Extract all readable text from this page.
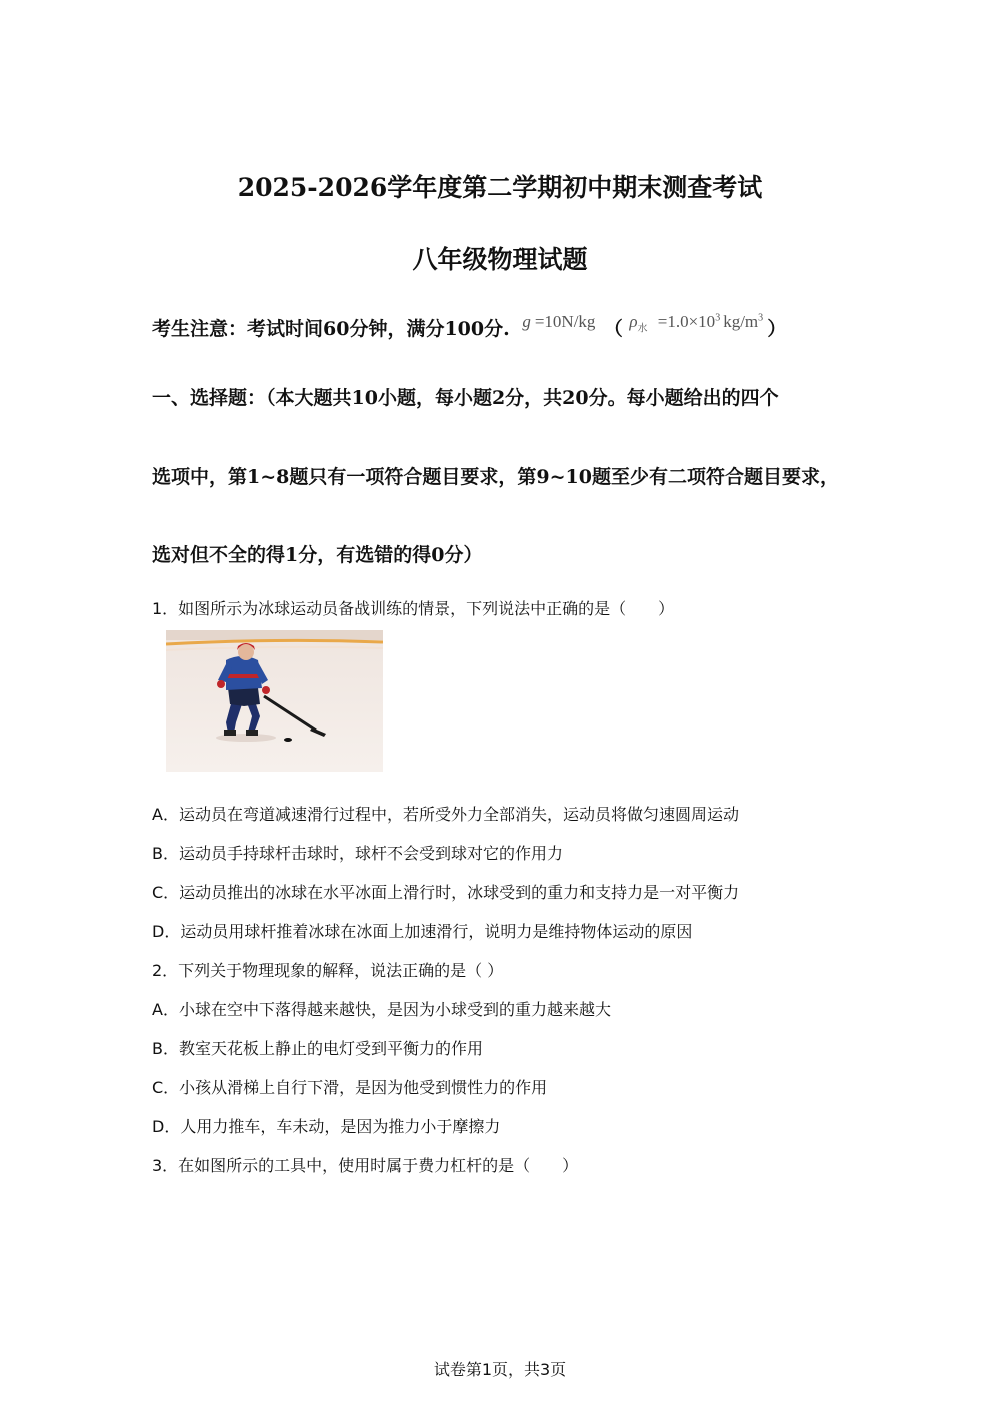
2025-2026学年度第二学期初中期末测查考试
八年级物理试题
考生注意：考试时间60分钟，满分100分. g =10N/kg （ $\rho_水 =1.0\times 10^3$ $kg/m^3$ ）
一、选择题：（本大题共10小题，每小题2分，共20分。每小题给出的四个
选项中，第1~8题只有一项符合题目要求，第9~10题至少有二项符合题目要求，
选对但不全的得1分，有选错的得0分）
1．如图所示为冰球运动员备战训练的情景，下列说法中正确的是（　　）
A．运动员在弯道减速滑行过程中，若所受外力全部消失，运动员将做匀速圆周运动
B．运动员手持球杆击球时，球杆不会受到球对它的作用力
C．运动员推出的冰球在水平冰面上滑行时，冰球受到的重力和支持力是一对平衡力
D．运动员用球杆推着冰球在冰面上加速滑行，说明力是维持物体运动的原因
2．下列关于物理现象的解释，说法正确的是（ ）
A．小球在空中下落得越来越快，是因为小球受到的重力越来越大
B．教室天花板上静止的电灯受到平衡力的作用
C．小孩从滑梯上自行下滑，是因为他受到惯性力的作用
D．人用力推车，车未动，是因为推力小于摩擦力
3．在如图所示的工具中，使用时属于费力杠杆的是（　　）
试卷第1页，共3页
